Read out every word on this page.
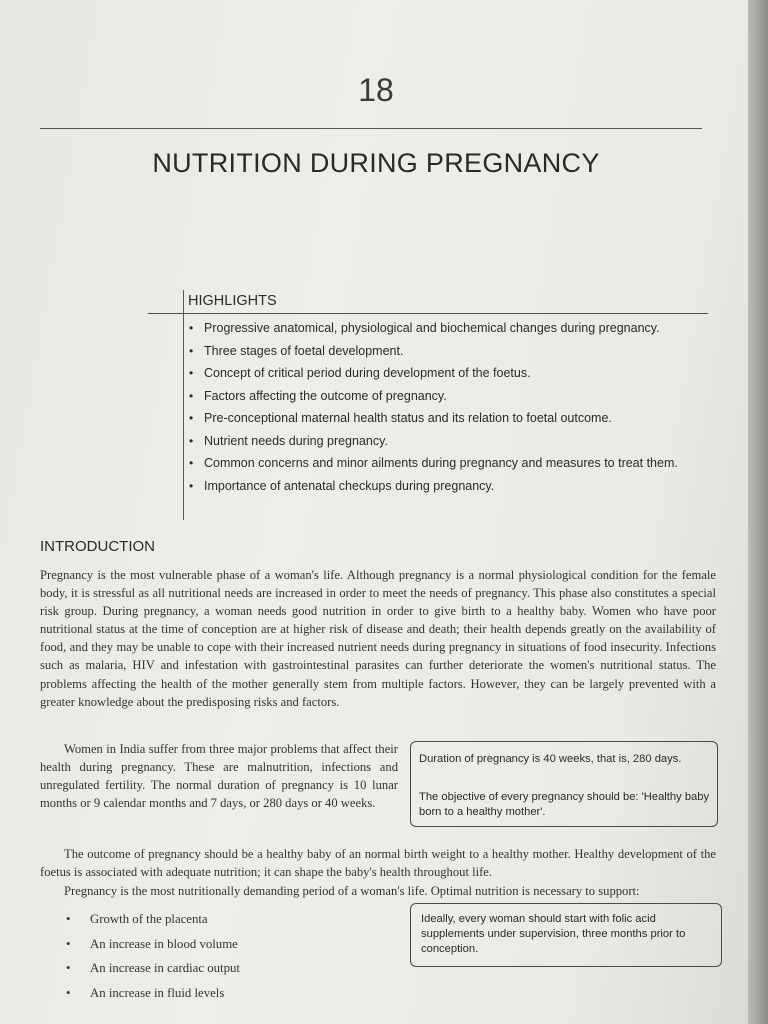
18
NUTRITION DURING PREGNANCY
HIGHLIGHTS
• Progressive anatomical, physiological and biochemical changes during pregnancy.
• Three stages of foetal development.
• Concept of critical period during development of the foetus.
• Factors affecting the outcome of pregnancy.
• Pre-conceptional maternal health status and its relation to foetal outcome.
• Nutrient needs during pregnancy.
• Common concerns and minor ailments during pregnancy and measures to treat them.
• Importance of antenatal checkups during pregnancy.
INTRODUCTION

Pregnancy is the most vulnerable phase of a woman's life. Although pregnancy is a normal physiological condition for the female body, it is stressful as all nutritional needs are increased in order to meet the needs of pregnancy. This phase also constitutes a special risk group. During pregnancy, a woman needs good nutrition in order to give birth to a healthy baby. Women who have poor nutritional status at the time of conception are at higher risk of disease and death; their health depends greatly on the availability of food, and they may be unable to cope with their increased nutrient needs during pregnancy in situations of food insecurity. Infections such as malaria, HIV and infestation with gastrointestinal parasites can further deteriorate the women's nutritional status. The problems affecting the health of the mother generally stem from multiple factors. However, they can be largely prevented with a greater knowledge about the predisposing risks and factors.

Women in India suffer from three major problems that affect their health during pregnancy. These are malnutrition, infections and unregulated fertility. The normal duration of pregnancy is 10 lunar months or 9 calendar months and 7 days, or 280 days or 40 weeks.

Duration of pregnancy is 40 weeks, that is, 280 days.

The objective of every pregnancy should be: 'Healthy baby born to a healthy mother'.

The outcome of pregnancy should be a healthy baby of an normal birth weight to a healthy mother. Healthy development of the foetus is associated with adequate nutrition; it can shape the baby's health throughout life.

Pregnancy is the most nutritionally demanding period of a woman's life. Optimal nutrition is necessary to support:

• Growth of the placenta
• An increase in blood volume
• An increase in cardiac output
• An increase in fluid levels

Ideally, every woman should start with folic acid supplements under supervision, three months prior to conception.
